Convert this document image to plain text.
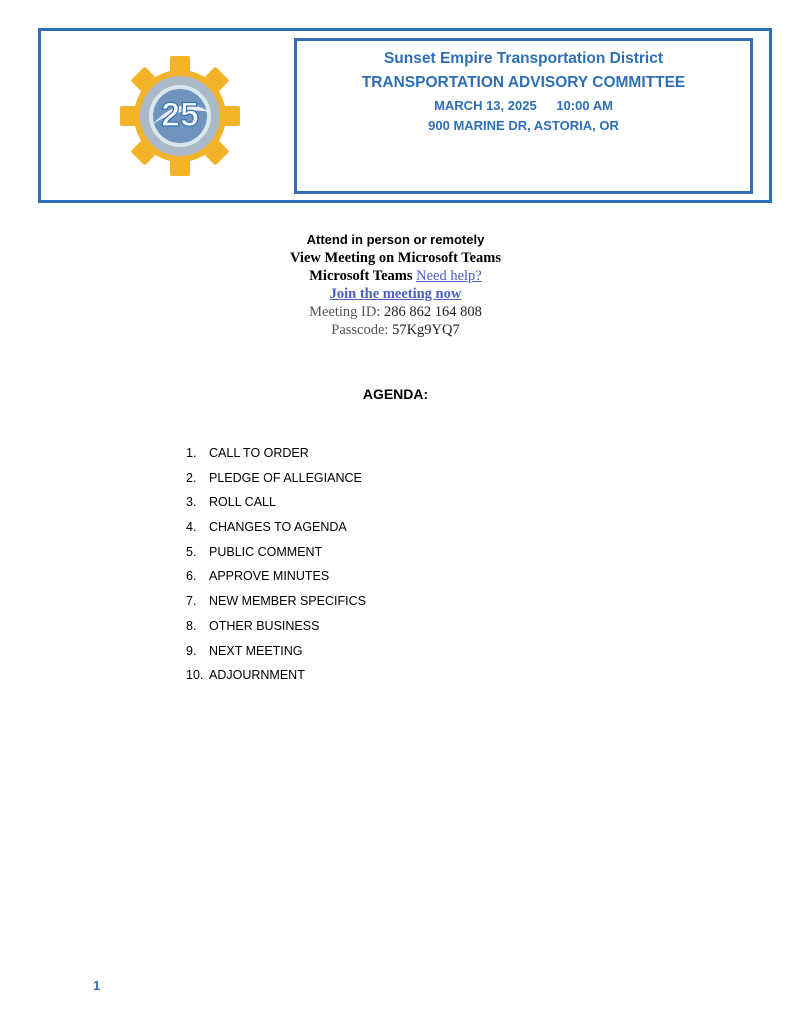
25
Sunset Empire Transportation District
TRANSPORTATION ADVISORY COMMITTEE
MARCH 13, 2025 10:00 AM
900 MARINE DR, ASTORIA, OR
Attend in person or remotely
View Meeting on Microsoft Teams
Microsoft Teams Need help?
Join the meeting now
Meeting ID: 286 862 164 808
Passcode: 57Kg9YQ7
AGENDA:
1.	CALL TO ORDER
2.	PLEDGE OF ALLEGIANCE
3.	ROLL CALL
4.	CHANGES TO AGENDA
5.	PUBLIC COMMENT
6.	APPROVE MINUTES
7.	NEW MEMBER SPECIFICS
8.	OTHER BUSINESS
9.	NEXT MEETING
10. ADJOURNMENT
1
